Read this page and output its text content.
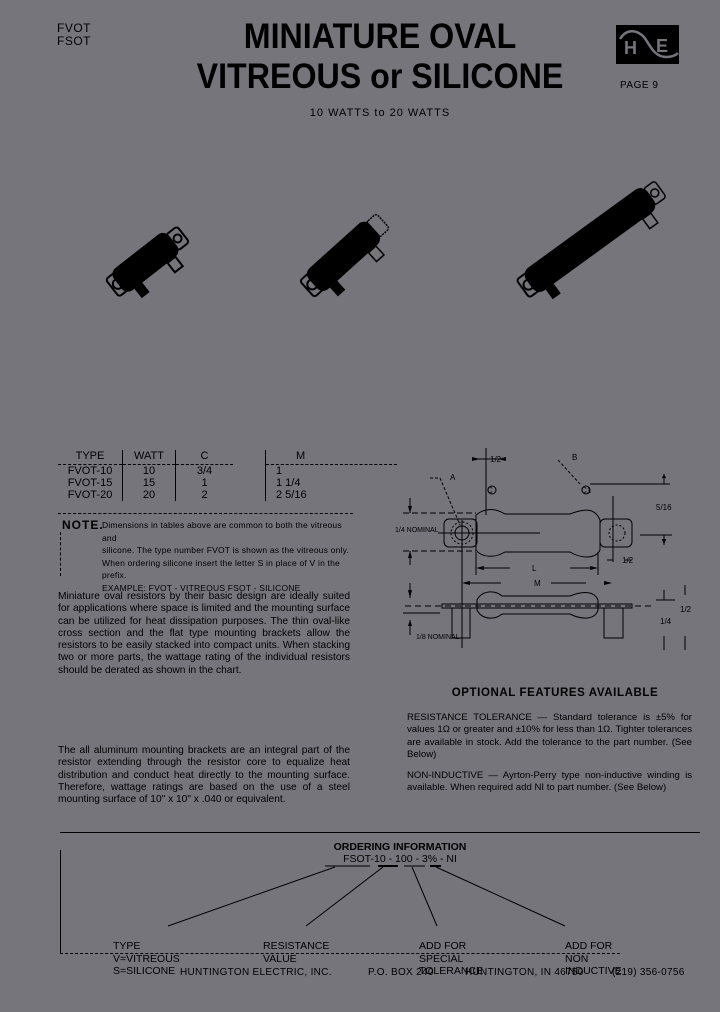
FVOT
FSOT	MINIATURE OVAL
VITREOUS or SILICONE
H E
PAGE 9
10 WATTS to 20 WATTS
TYPE	WATT	C		M
FVOT-10	10	3/4		1
FVOT-15	15	1		1 1/4
FVOT-20	20	2		2 5/16
NOTE.
Dimensions in tables above are common to both the vitreous and
silicone. The type number FVOT is shown as the vitreous only.
When ordering silicone insert the letter S in place of V in the
prefix.
EXAMPLE: FVOT - VITREOUS FSOT - SILICONE
Miniature oval resistors by their basic design are ideally suited for applications where space is limited and the mounting surface can be utilized for heat dissipation purposes. The thin oval-like cross section and the flat type mounting brackets allow the resistors to be easily stacked into compact units. When stacking two or more parts, the wattage rating of the individual resistors should be derated as shown in the chart.
The all aluminum mounting brackets are an integral part of the resistor extending through the resistor core to equalize heat distribution and conduct heat directly to the mounting surface. Therefore, wattage ratings are based on the use of a steel mounting surface of 10" x 10" x .040 or equivalent.
1/2
A
B
C	C1
5/16
1/4 NOMINAL
1/2
L
M
1/2
1/4
1/8 NOMINAL
OPTIONAL FEATURES AVAILABLE
RESISTANCE TOLERANCE — Standard tolerance is ±5% for values 1Ω or greater and ±10% for less than 1Ω. Tighter tolerances are available in stock. Add the tolerance to the part number. (See Below)
NON-INDUCTIVE — Ayrton-Perry type non-inductive winding is available. When required add NI to part number. (See Below)
ORDERING INFORMATION
FSOT-10 - 100 - 3% - NI
TYPE
V=VITREOUS
S=SILICONE
RESISTANCE
VALUE
ADD FOR
SPECIAL
TOLERANCE
ADD FOR
NON
INDUCTIVE
HUNTINGTON ELECTRIC, INC.	P.O. BOX 240	HUNTINGTON, IN 46750	(219) 356-0756
